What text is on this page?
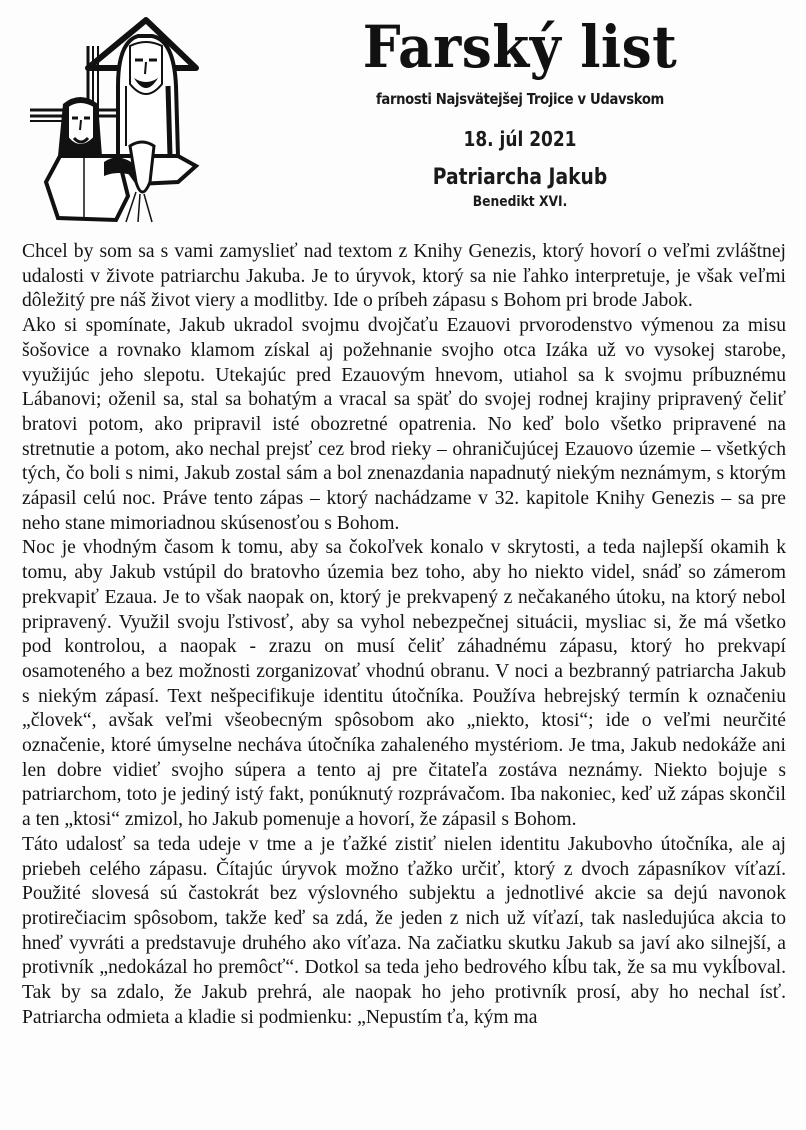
Farský list
farnosti Najsvätejšej Trojice v Udavskom
18. júl 2021
Patriarcha Jakub
Benedikt XVI.

Chcel by som sa s vami zamyslieť nad textom z Knihy Genezis, ktorý hovorí o veľmi zvláštnej udalosti v živote patriarchu Jakuba. Je to úryvok, ktorý sa nie ľahko interpretuje, je však veľmi dôležitý pre náš život viery a modlitby. Ide o príbeh zápasu s Bohom pri brode Jabok.

Ako si spomínate, Jakub ukradol svojmu dvojčaťu Ezauovi prvorodenstvo výmenou za misu šošovice a rovnako klamom získal aj požehnanie svojho otca Izáka už vo vysokej starobe, využijúc jeho slepotu. Utekajúc pred Ezauovým hnevom, utiahol sa k svojmu príbuznému Lábanovi; oženil sa, stal sa bohatým a vracal sa späť do svojej rodnej krajiny pripravený čeliť bratovi potom, ako pripravil isté obozretné opatrenia. No keď bolo všetko pripravené na stretnutie a potom, ako nechal prejsť cez brod rieky – ohraničujúcej Ezauovo územie – všetkých tých, čo boli s nimi, Jakub zostal sám a bol znenazdania napadnutý niekým neznámym, s ktorým zápasil celú noc. Práve tento zápas – ktorý nachádzame v 32. kapitole Knihy Genezis – sa pre neho stane mimoriadnou skúsenosťou s Bohom.

Noc je vhodným časom k tomu, aby sa čokoľvek konalo v skrytosti, a teda najlepší okamih k tomu, aby Jakub vstúpil do bratovho územia bez toho, aby ho niekto videl, snáď so zámerom prekvapiť Ezaua. Je to však naopak on, ktorý je prekvapený z nečakaného útoku, na ktorý nebol pripravený. Využil svoju ľstivosť, aby sa vyhol nebezpečnej situácii, mysliac si, že má všetko pod kontrolou, a naopak - zrazu on musí čeliť záhadnému zápasu, ktorý ho prekvapí osamoteného a bez možnosti zorganizovať vhodnú obranu. V noci a bezbranný patriarcha Jakub s niekým zápasí. Text nešpecifikuje identitu útočníka. Používa hebrejský termín k označeniu „človek“, avšak veľmi všeobecným spôsobom ako „niekto, ktosi“; ide o veľmi neurčité označenie, ktoré úmyselne necháva útočníka zahaleného mystériom. Je tma, Jakub nedokáže ani len dobre vidieť svojho súpera a tento aj pre čitateľa zostáva neznámy. Niekto bojuje s patriarchom, toto je jediný istý fakt, ponúknutý rozprávačom. Iba nakoniec, keď už zápas skončil a ten „ktosi“ zmizol, ho Jakub pomenuje a hovorí, že zápasil s Bohom.

Táto udalosť sa teda udeje v tme a je ťažké zistiť nielen identitu Jakubovho útočníka, ale aj priebeh celého zápasu. Čítajúc úryvok možno ťažko určiť, ktorý z dvoch zápasníkov víťazí. Použité slovesá sú častokrát bez výslovného subjektu a jednotlivé akcie sa dejú navonok protirečiacim spôsobom, takže keď sa zdá, že jeden z nich už víťazí, tak nasledujúca akcia to hneď vyvráti a predstavuje druhého ako víťaza. Na začiatku skutku Jakub sa javí ako silnejší, a protivník „nedokázal ho premôcť“. Dotkol sa teda jeho bedrového kĺbu tak, že sa mu vykĺboval. Tak by sa zdalo, že Jakub prehrá, ale naopak ho jeho protivník prosí, aby ho nechal ísť. Patriarcha odmieta a kladie si podmienku: „Nepustím ťa, kým ma
